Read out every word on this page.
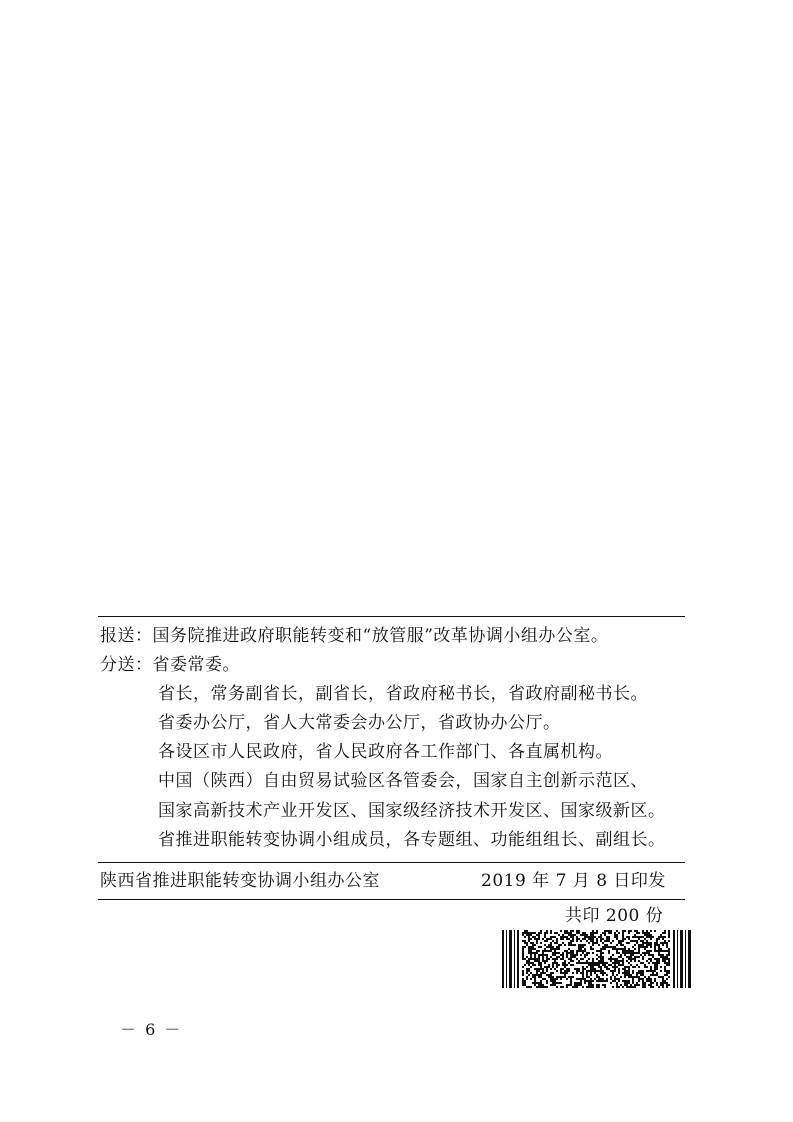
报送：国务院推进政府职能转变和“放管服”改革协调小组办公室。
分送：省委常委。
省长，常务副省长，副省长，省政府秘书长，省政府副秘书长。
省委办公厅，省人大常委会办公厅，省政协办公厅。
各设区市人民政府，省人民政府各工作部门、各直属机构。
中国（陕西）自由贸易试验区各管委会，国家自主创新示范区、
国家高新技术产业开发区、国家级经济技术开发区、国家级新区。
省推进职能转变协调小组成员，各专题组、功能组组长、副组长。
陕西省推进职能转变协调小组办公室	2019 年 7 月 8 日印发
共印 200 份
－ 6 －
